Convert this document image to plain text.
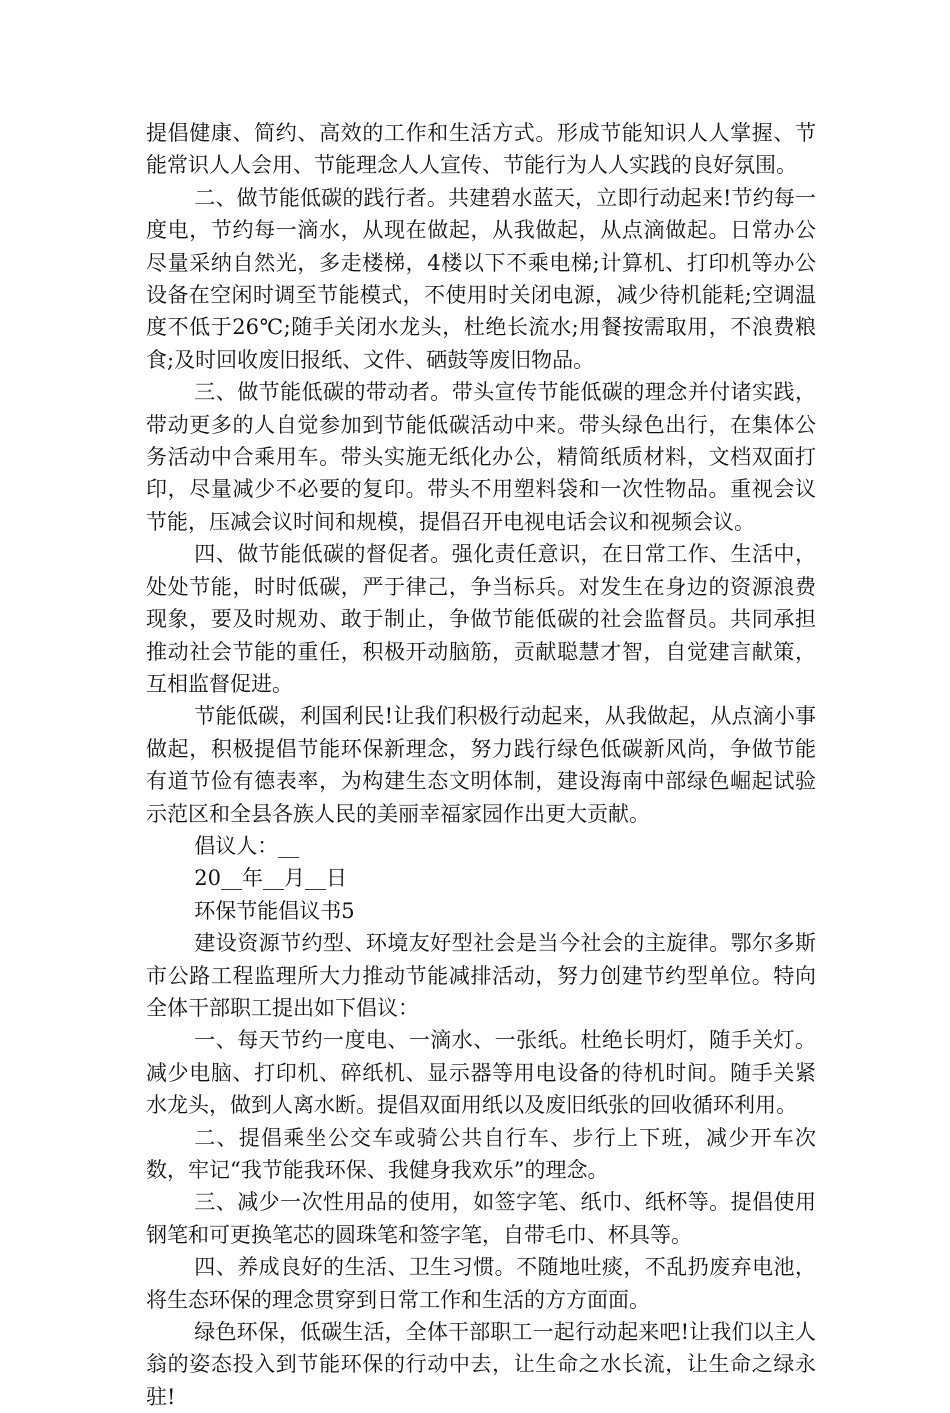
提倡健康、简约、高效的工作和生活方式。形成节能知识人人掌握、节能常识人人会用、节能理念人人宣传、节能行为人人实践的良好氛围。

二、做节能低碳的践行者。共建碧水蓝天，立即行动起来!节约每一度电，节约每一滴水，从现在做起，从我做起，从点滴做起。日常办公尽量采纳自然光，多走楼梯，4楼以下不乘电梯;计算机、打印机等办公设备在空闲时调至节能模式，不使用时关闭电源，减少待机能耗;空调温度不低于26℃;随手关闭水龙头，杜绝长流水;用餐按需取用，不浪费粮食;及时回收废旧报纸、文件、硒鼓等废旧物品。

三、做节能低碳的带动者。带头宣传节能低碳的理念并付诸实践，带动更多的人自觉参加到节能低碳活动中来。带头绿色出行，在集体公务活动中合乘用车。带头实施无纸化办公，精简纸质材料，文档双面打印，尽量减少不必要的复印。带头不用塑料袋和一次性物品。重视会议节能，压减会议时间和规模，提倡召开电视电话会议和视频会议。

四、做节能低碳的督促者。强化责任意识，在日常工作、生活中，处处节能，时时低碳，严于律己，争当标兵。对发生在身边的资源浪费现象，要及时规劝、敢于制止，争做节能低碳的社会监督员。共同承担推动社会节能的重任，积极开动脑筋，贡献聪慧才智，自觉建言献策，互相监督促进。

节能低碳，利国利民!让我们积极行动起来，从我做起，从点滴小事做起，积极提倡节能环保新理念，努力践行绿色低碳新风尚，争做节能有道节俭有德表率，为构建生态文明体制，建设海南中部绿色崛起试验示范区和全县各族人民的美丽幸福家园作出更大贡献。

倡议人：__

20__年__月__日

环保节能倡议书5

建设资源节约型、环境友好型社会是当今社会的主旋律。鄂尔多斯市公路工程监理所大力推动节能减排活动，努力创建节约型单位。特向全体干部职工提出如下倡议：

一、每天节约一度电、一滴水、一张纸。杜绝长明灯，随手关灯。减少电脑、打印机、碎纸机、显示器等用电设备的待机时间。随手关紧水龙头，做到人离水断。提倡双面用纸以及废旧纸张的回收循环利用。

二、提倡乘坐公交车或骑公共自行车、步行上下班，减少开车次数，牢记“我节能我环保、我健身我欢乐”的理念。

三、减少一次性用品的使用，如签字笔、纸巾、纸杯等。提倡使用钢笔和可更换笔芯的圆珠笔和签字笔，自带毛巾、杯具等。

四、养成良好的生活、卫生习惯。不随地吐痰，不乱扔废弃电池，将生态环保的理念贯穿到日常工作和生活的方方面面。

绿色环保，低碳生活，全体干部职工一起行动起来吧!让我们以主人翁的姿态投入到节能环保的行动中去，让生命之水长流，让生命之绿永驻!
